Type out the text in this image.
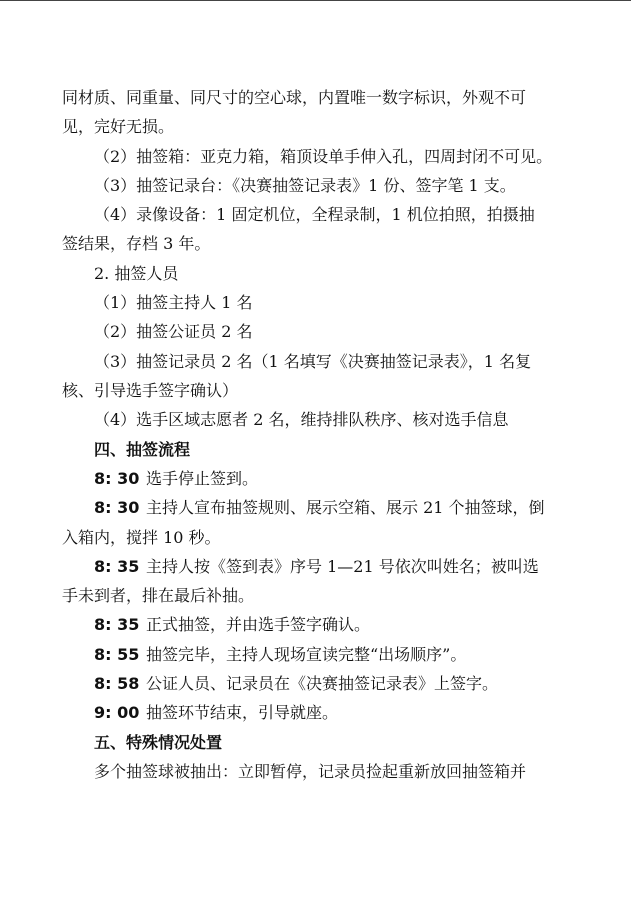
同材质、同重量、同尺寸的空心球，内置唯一数字标识，外观不可
见，完好无损。
（2）抽签箱：亚克力箱，箱顶设单手伸入孔，四周封闭不可见。
（3）抽签记录台：《决赛抽签记录表》1 份、签字笔 1 支。
（4）录像设备：1 固定机位，全程录制，1 机位拍照，拍摄抽
签结果，存档 3 年。
2. 抽签人员
（1）抽签主持人 1 名
（2）抽签公证员 2 名
（3）抽签记录员 2 名（1 名填写《决赛抽签记录表》，1 名复
核、引导选手签字确认）
（4）选手区域志愿者 2 名，维持排队秩序、核对选手信息
四、抽签流程
8: 30 选手停止签到。
8: 30 主持人宣布抽签规则、展示空箱、展示 21 个抽签球，倒
入箱内，搅拌 10 秒。
8: 35 主持人按《签到表》序号 1—21 号依次叫姓名；被叫选
手未到者，排在最后补抽。
8: 35 正式抽签，并由选手签字确认。
8: 55 抽签完毕，主持人现场宣读完整“出场顺序”。
8: 58 公证人员、记录员在《决赛抽签记录表》上签字。
9: 00 抽签环节结束，引导就座。
五、特殊情况处置
多个抽签球被抽出：立即暂停，记录员捡起重新放回抽签箱并
